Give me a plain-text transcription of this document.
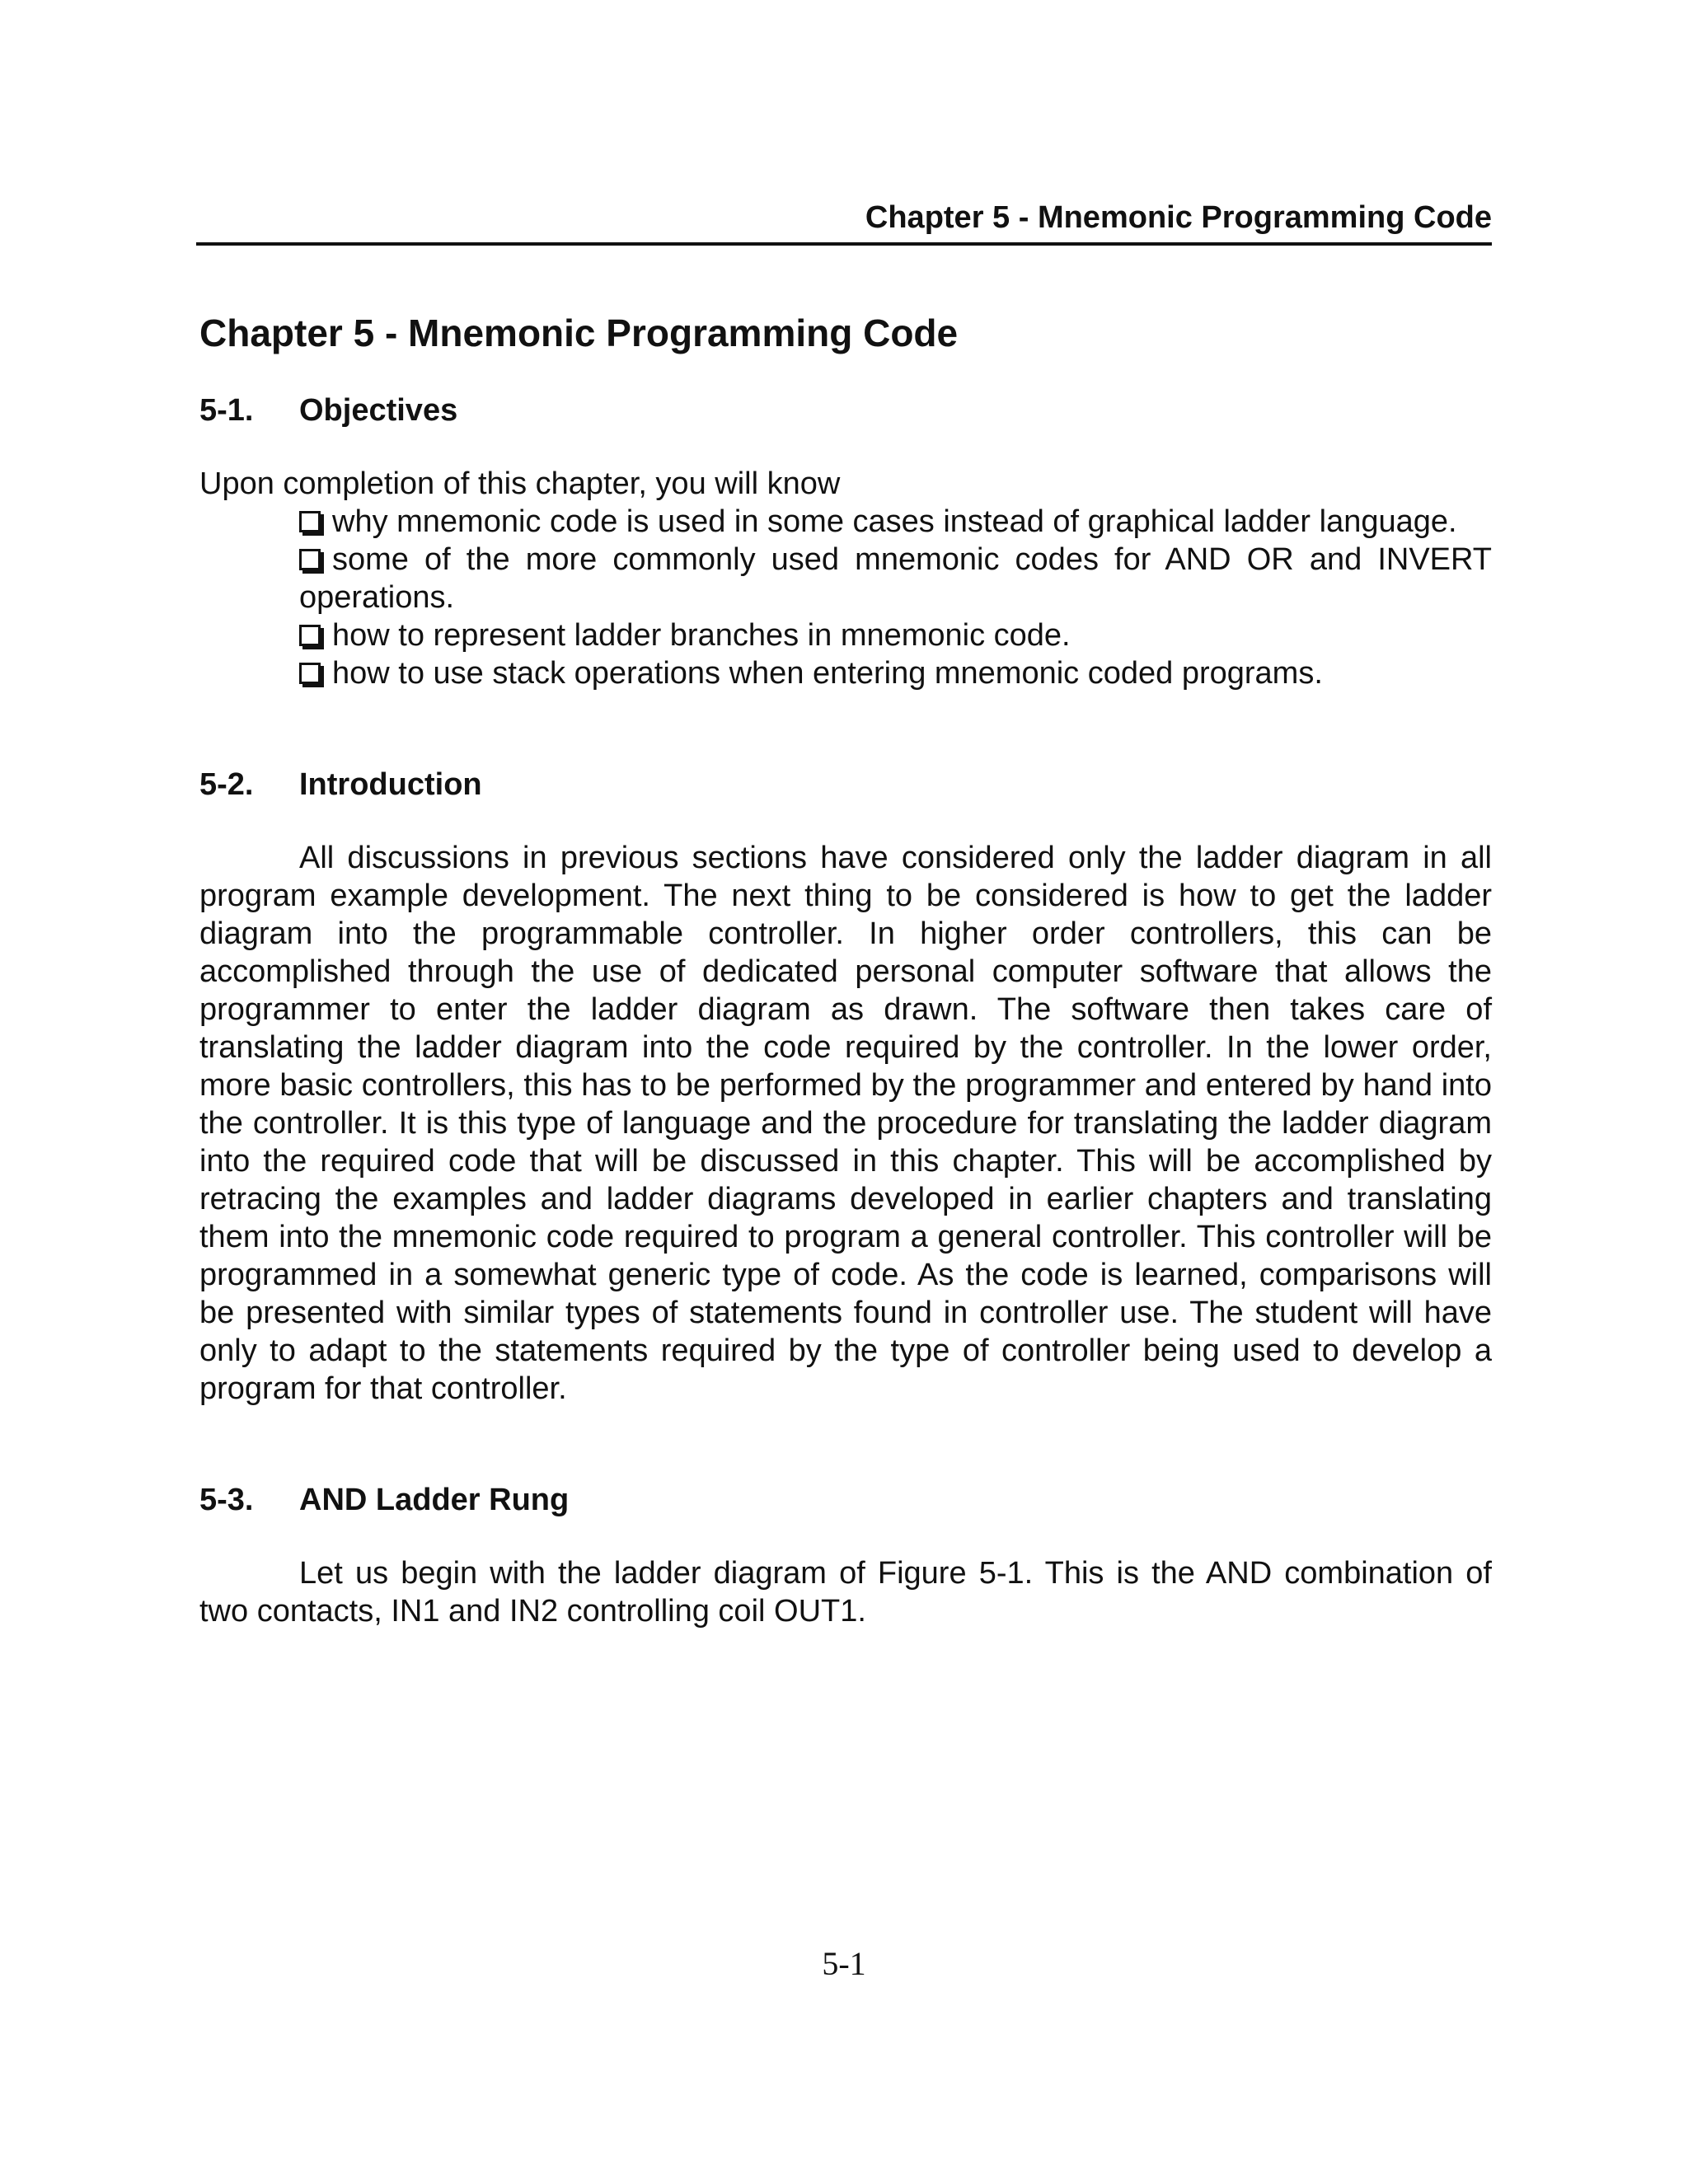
Chapter 5 - Mnemonic Programming Code
Chapter 5 - Mnemonic Programming Code
5-1.	Objectives

Upon completion of this chapter, you will know

why mnemonic code is used in some cases instead of graphical ladder language.
some of the more commonly used mnemonic codes for AND OR and INVERT operations.
how to represent ladder branches in mnemonic code.
how to use stack operations when entering mnemonic coded programs.
5-2.	Introduction

All discussions in previous sections have considered only the ladder diagram in all program example development. The next thing to be considered is how to get the ladder diagram into the programmable controller. In higher order controllers, this can be accomplished through the use of dedicated personal computer software that allows the programmer to enter the ladder diagram as drawn. The software then takes care of translating the ladder diagram into the code required by the controller. In the lower order, more basic controllers, this has to be performed by the programmer and entered by hand into the controller. It is this type of language and the procedure for translating the ladder diagram into the required code that will be discussed in this chapter. This will be accomplished by retracing the examples and ladder diagrams developed in earlier chapters and translating them into the mnemonic code required to program a general controller. This controller will be programmed in a somewhat generic type of code. As the code is learned, comparisons will be presented with similar types of statements found in controller use. The student will have only to adapt to the statements required by the type of controller being used to develop a program for that controller.

5-3.	AND Ladder Rung

Let us begin with the ladder diagram of Figure 5-1. This is the AND combination of two contacts, IN1 and IN2 controlling coil OUT1.

5-1
